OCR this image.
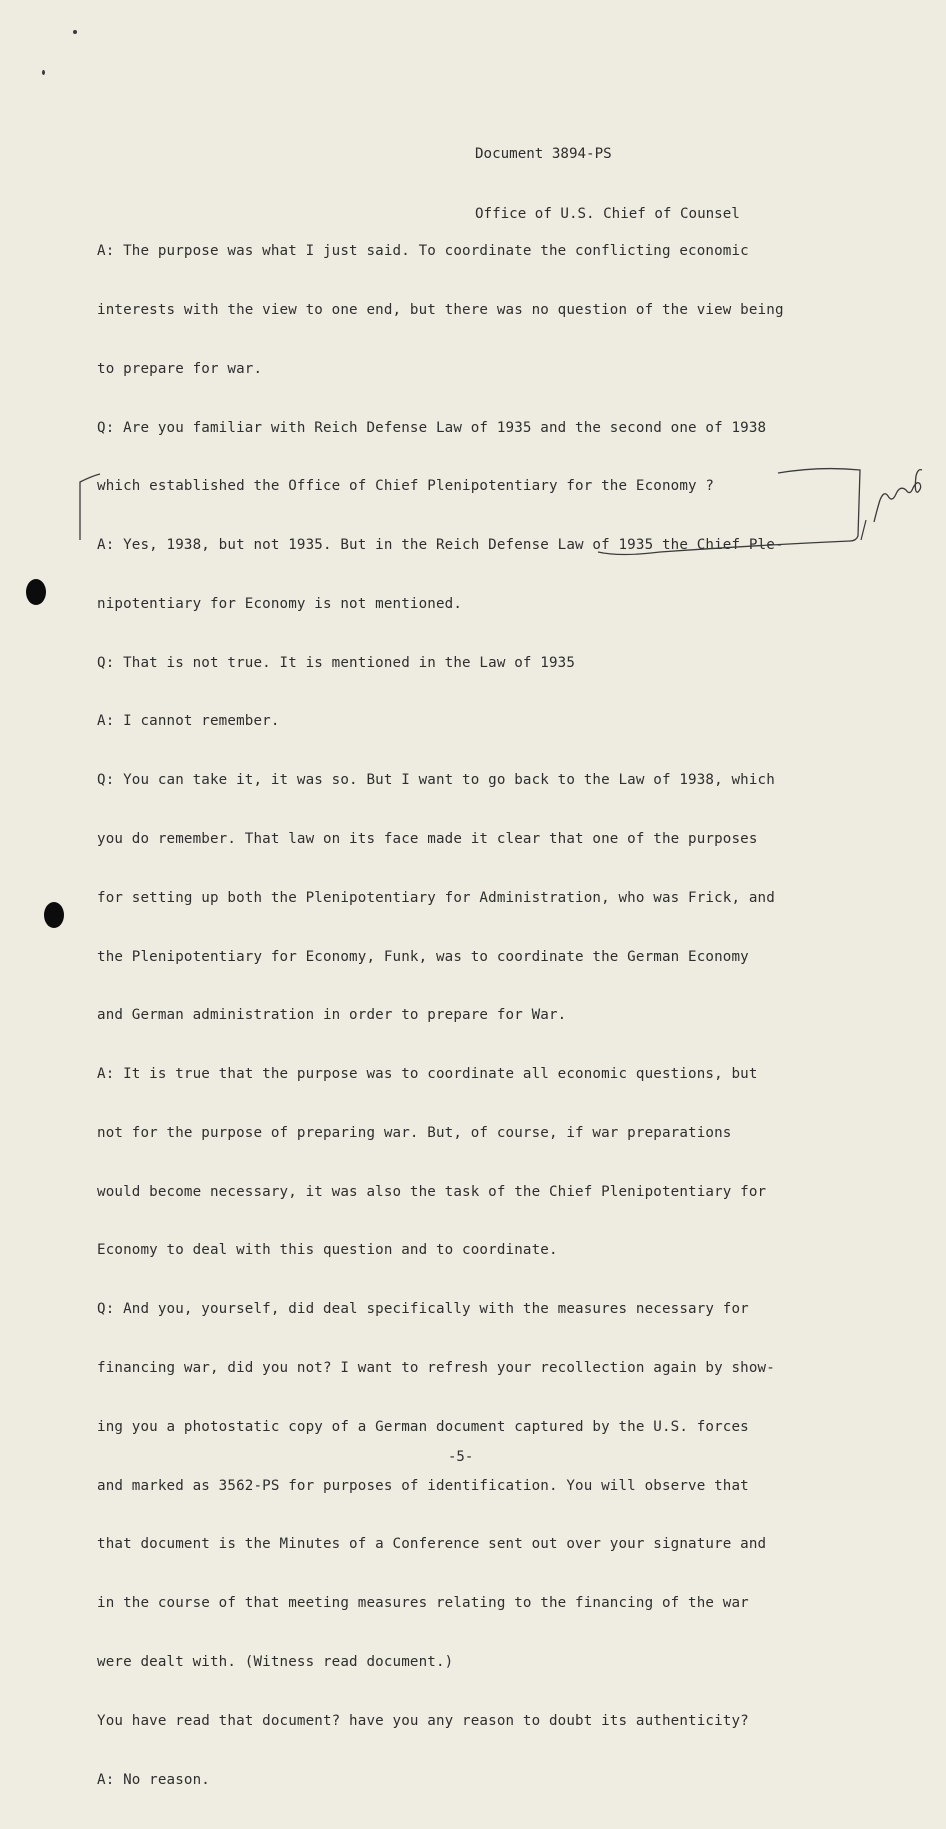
Document 3894-PS

Office of U.S. Chief of Counsel

A: The purpose was what I just said. To coordinate the conflicting economic

interests with the view to one end, but there was no question of the view being

to prepare for war.

Q: Are you familiar with Reich Defense Law of 1935 and the second one of 1938

which established the Office of Chief Plenipotentiary for the Economy ?

A: Yes, 1938, but not 1935. But in the Reich Defense Law of 1935 the Chief Ple-

nipotentiary for Economy is not mentioned.

Q: That is not true. It is mentioned in the Law of 1935

A: I cannot remember.

Q: You can take it, it was so. But I want to go back to the Law of 1938, which

you do remember. That law on its face made it clear that one of the purposes

for setting up both the Plenipotentiary for Administration, who was Frick, and

the Plenipotentiary for Economy, Funk, was to coordinate the German Economy

and German administration in order to prepare for War.

A: It is true that the purpose was to coordinate all economic questions, but

not for the purpose of preparing war. But, of course, if war preparations

would become necessary, it was also the task of the Chief Plenipotentiary for

Economy to deal with this question and to coordinate.

Q: And you, yourself, did deal specifically with the measures necessary for

financing war, did you not? I want to refresh your recollection again by show-

ing you a photostatic copy of a German document captured by the U.S. forces

and marked as 3562-PS for purposes of identification. You will observe that

that document is the Minutes of a Conference sent out over your signature and

in the course of that meeting measures relating to the financing of the war

were dealt with. (Witness read document.)

You have read that document? have you any reason to doubt its authenticity?

A: No reason.

-5-
